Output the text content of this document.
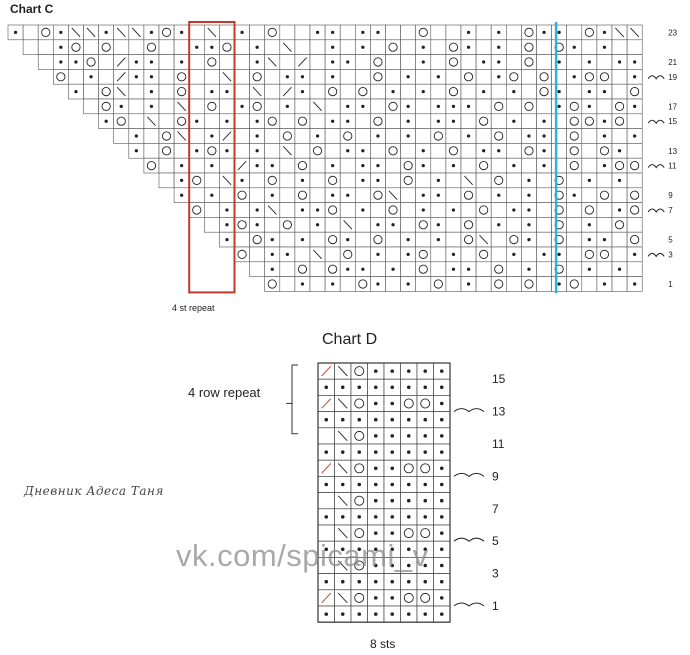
23
21
19
17
15
13
11
9
7
5
3
1
Chart C
4 st repeat
15
13
11
9
7
5
3
1
Chart D
4 row repeat
8 sts
Дневник Адеса Таня
vk.com/spicami_v
